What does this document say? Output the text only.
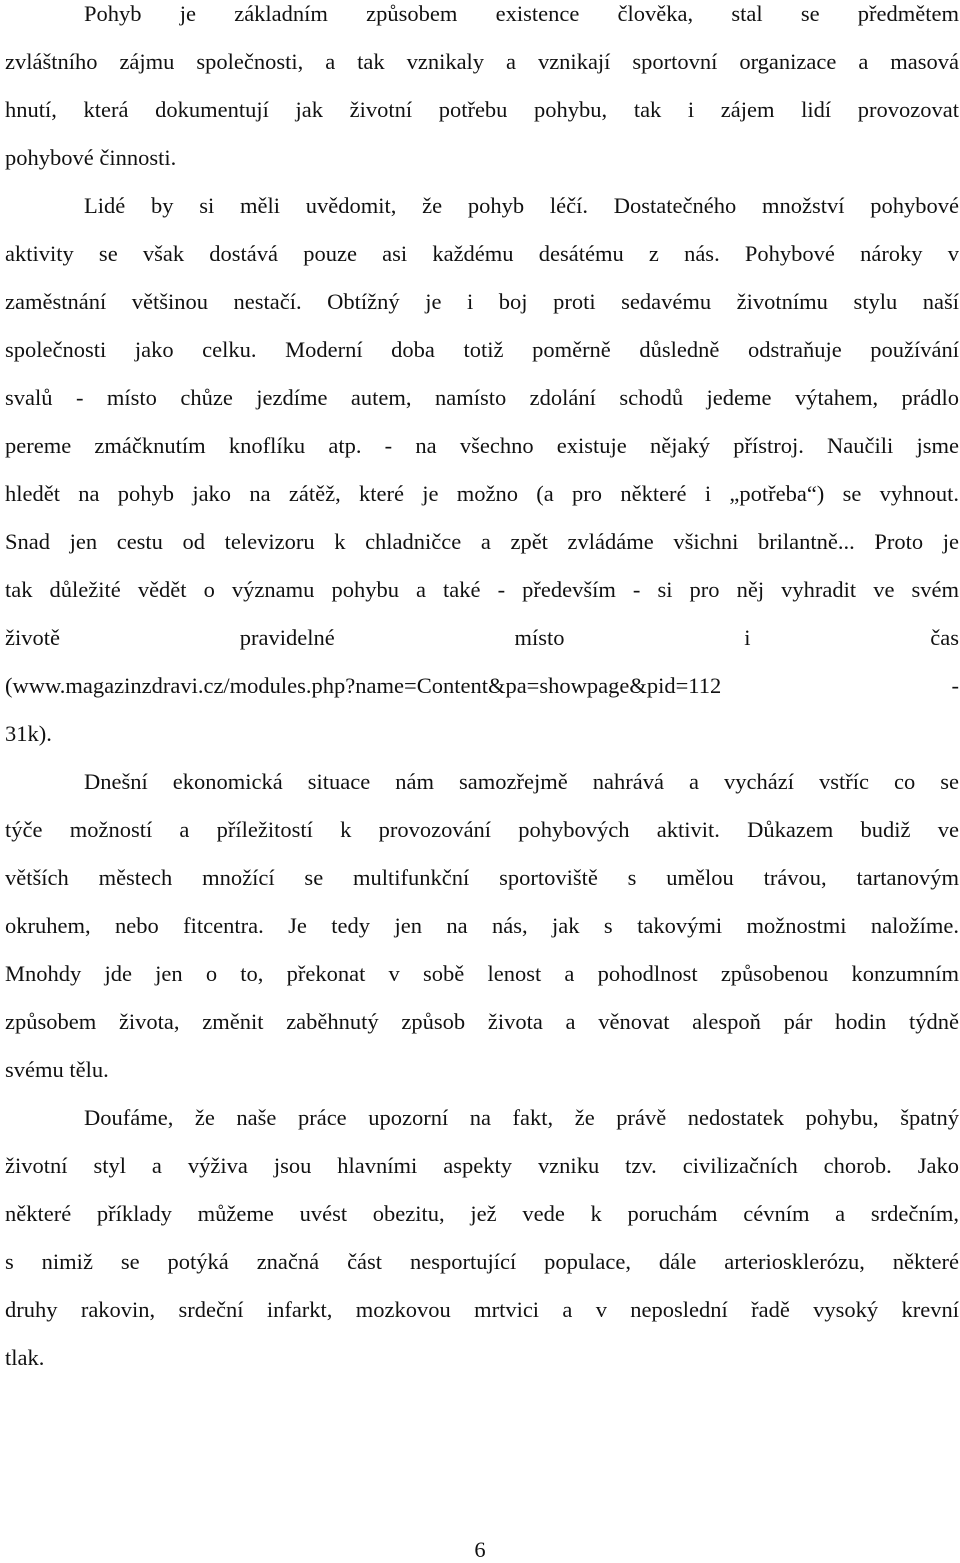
Pohyb je základním způsobem existence člověka, stal se předmětem
zvláštního zájmu společnosti, a tak vznikaly a vznikají sportovní organizace a masová
hnutí, která dokumentují jak životní potřebu pohybu, tak i zájem lidí provozovat
pohybové činnosti.
Lidé by si měli uvědomit, že pohyb léčí. Dostatečného množství pohybové
aktivity se však dostává pouze asi každému desátému z nás. Pohybové nároky v
zaměstnání většinou nestačí. Obtížný je i boj proti sedavému životnímu stylu naší
společnosti jako celku. Moderní doba totiž poměrně důsledně odstraňuje používání
svalů - místo chůze jezdíme autem, namísto zdolání schodů jedeme výtahem, prádlo
pereme zmáčknutím knoflíku atp. - na všechno existuje nějaký přístroj. Naučili jsme
hledět na pohyb jako na zátěž, které je možno (a pro některé i „potřeba“) se vyhnout.
Snad jen cestu od televizoru k chladničce a zpět zvládáme všichni brilantně... Proto je
tak důležité vědět o významu pohybu a také - především - si pro něj vyhradit ve svém
životě pravidelné místo i čas
(www.magazinzdravi.cz/modules.php?name=Content&pa=showpage&pid=112 -
31k).
Dnešní ekonomická situace nám samozřejmě nahrává a vychází vstříc co se
týče možností a příležitostí k provozování pohybových aktivit. Důkazem budiž ve
větších městech množící se multifunkční sportoviště s umělou trávou, tartanovým
okruhem, nebo fitcentra. Je tedy jen na nás, jak s takovými možnostmi naložíme.
Mnohdy jde jen o to, překonat v sobě lenost a pohodlnost způsobenou konzumním
způsobem života, změnit zaběhnutý způsob života a věnovat alespoň pár hodin týdně
svému tělu.
Doufáme, že naše práce upozorní na fakt, že právě nedostatek pohybu, špatný
životní styl a výživa jsou hlavními aspekty vzniku tzv. civilizačních chorob. Jako
některé příklady můžeme uvést obezitu, jež vede k poruchám cévním a srdečním,
s nimiž se potýká značná část nesportující populace, dále arteriosklerózu, některé
druhy rakovin, srdeční infarkt, mozkovou mrtvici a v neposlední řadě vysoký krevní
tlak.
6
